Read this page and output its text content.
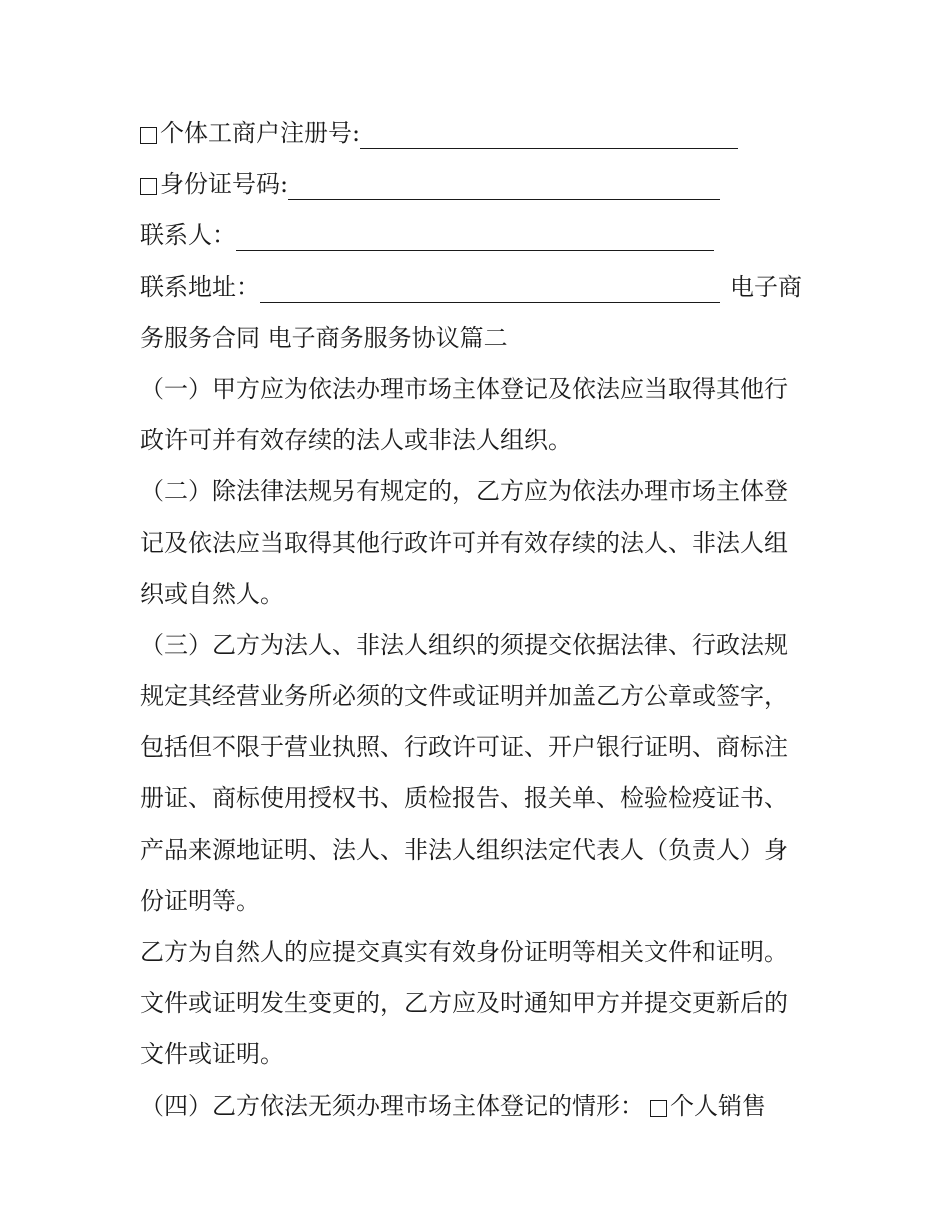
个体工商户注册号:
身份证号码:
联系人：
联系地址：	电子商
务服务合同 电子商务服务协议篇二
（一）甲方应为依法办理市场主体登记及依法应当取得其他行
政许可并有效存续的法人或非法人组织。
（二）除法律法规另有规定的，乙方应为依法办理市场主体登
记及依法应当取得其他行政许可并有效存续的法人、非法人组
织或自然人。
（三）乙方为法人、非法人组织的须提交依据法律、行政法规
规定其经营业务所必须的文件或证明并加盖乙方公章或签字，
包括但不限于营业执照、行政许可证、开户银行证明、商标注
册证、商标使用授权书、质检报告、报关单、检验检疫证书、
产品来源地证明、法人、非法人组织法定代表人（负责人）身
份证明等。
乙方为自然人的应提交真实有效身份证明等相关文件和证明。
文件或证明发生变更的，乙方应及时通知甲方并提交更新后的
文件或证明。
（四）乙方依法无须办理市场主体登记的情形： 个人销售
